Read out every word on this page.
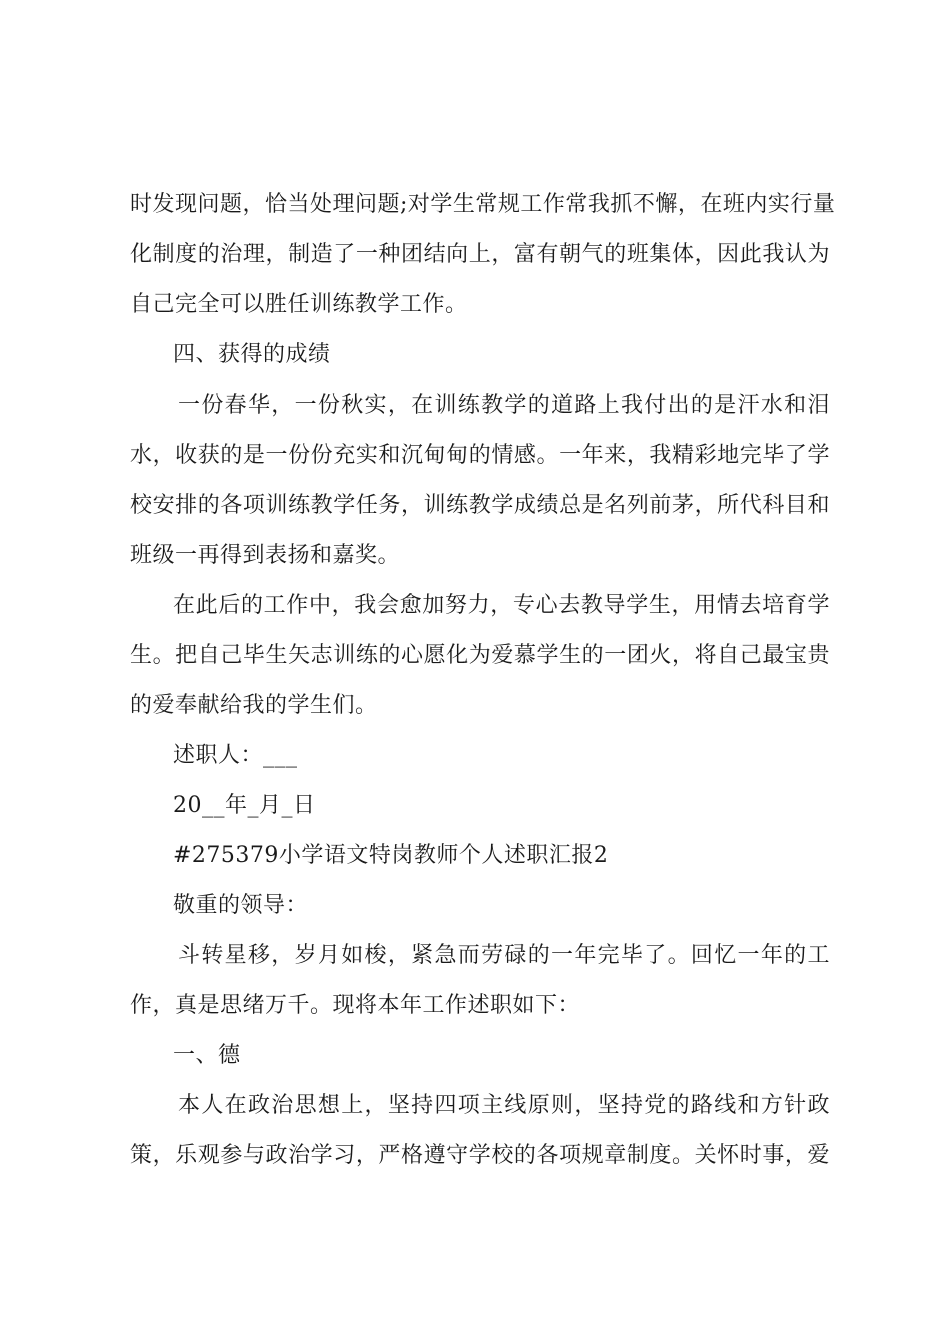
时发现问题，恰当处理问题;对学生常规工作常我抓不懈，在班内实行量
化制度的治理，制造了一种团结向上，富有朝气的班集体，因此我认为
自己完全可以胜任训练教学工作。
四、获得的成绩
一份春华，一份秋实，在训练教学的道路上我付出的是汗水和泪
水，收获的是一份份充实和沉甸甸的情感。一年来，我精彩地完毕了学
校安排的各项训练教学任务，训练教学成绩总是名列前茅，所代科目和
班级一再得到表扬和嘉奖。
在此后的工作中，我会愈加努力，专心去教导学生，用情去培育学
生。把自己毕生矢志训练的心愿化为爱慕学生的一团火，将自己最宝贵
的爱奉献给我的学生们。
述职人：___
20__年_月_日
#275379小学语文特岗教师个人述职汇报2
敬重的领导：
斗转星移，岁月如梭，紧急而劳碌的一年完毕了。回忆一年的工
作，真是思绪万千。现将本年工作述职如下：
一、德
本人在政治思想上，坚持四项主线原则，坚持党的路线和方针政
策，乐观参与政治学习，严格遵守学校的各项规章制度。关怀时事，爱
